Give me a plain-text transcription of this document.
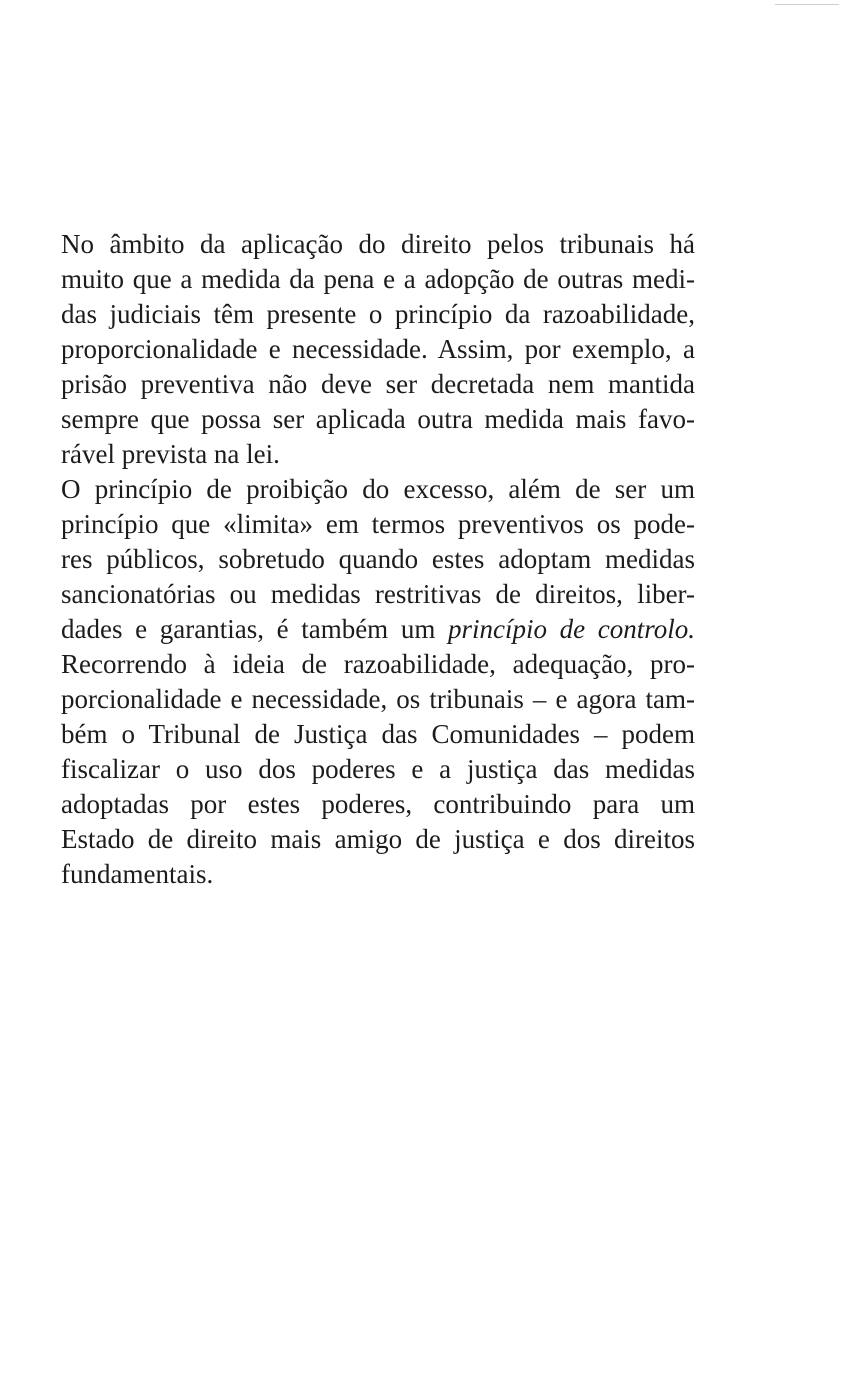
No âmbito da aplicação do direito pelos tribunais há
muito que a medida da pena e a adopção de outras medi-
das judiciais têm presente o princípio da razoabilidade,
proporcionalidade e necessidade. Assim, por exemplo, a
prisão preventiva não deve ser decretada nem mantida
sempre que possa ser aplicada outra medida mais favo-
rável prevista na lei.
O princípio de proibição do excesso, além de ser um
princípio que «limita» em termos preventivos os pode-
res públicos, sobretudo quando estes adoptam medidas
sancionatórias ou medidas restritivas de direitos, liber-
dades e garantias, é também um princípio de controlo.
Recorrendo à ideia de razoabilidade, adequação, pro-
porcionalidade e necessidade, os tribunais – e agora tam-
bém o Tribunal de Justiça das Comunidades – podem
fiscalizar o uso dos poderes e a justiça das medidas
adoptadas por estes poderes, contribuindo para um
Estado de direito mais amigo de justiça e dos direitos
fundamentais.
